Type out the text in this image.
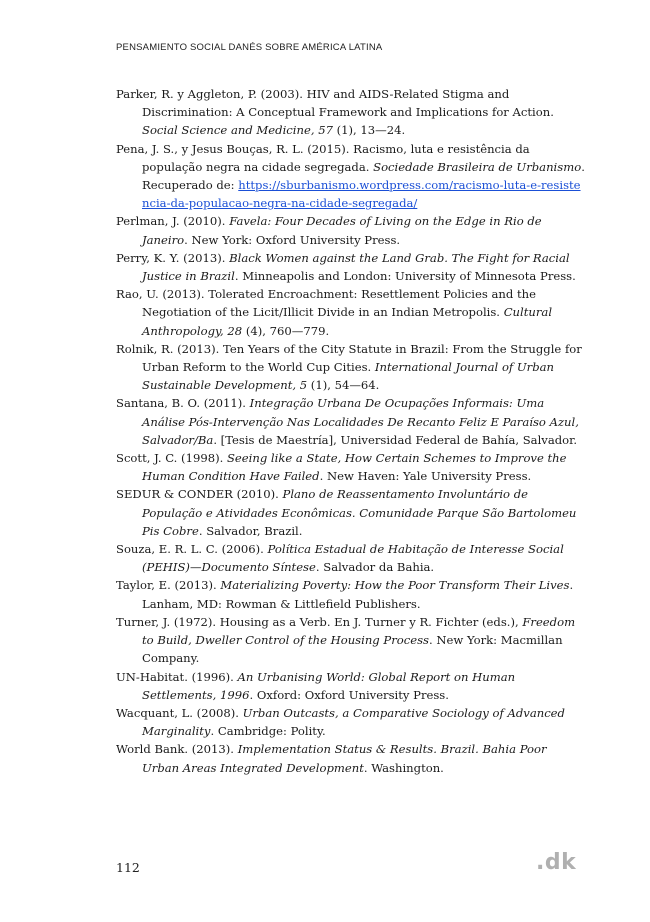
PENSAMIENTO SOCIAL DANÉS SOBRE AMÉRICA LATINA
Parker, R. y Aggleton, P. (2003). HIV and AIDS-Related Stigma and Discrimination: A Conceptual Framework and Implications for Action. Social Science and Medicine, 57 (1), 13—24.
Pena, J. S., y Jesus Bouças, R. L. (2015). Racismo, luta e resistência da população negra na cidade segregada. Sociedade Brasileira de Urbanismo. Recuperado de: https://sburbanismo.wordpress.com/racismo-luta-e-resistencia-da-populacao-negra-na-cidade-segregada/
Perlman, J. (2010). Favela: Four Decades of Living on the Edge in Rio de Janeiro. New York: Oxford University Press.
Perry, K. Y. (2013). Black Women against the Land Grab. The Fight for Racial Justice in Brazil. Minneapolis and London: University of Minnesota Press.
Rao, U. (2013). Tolerated Encroachment: Resettlement Policies and the Negotiation of the Licit/Illicit Divide in an Indian Metropolis. Cultural Anthropology, 28 (4), 760—779.
Rolnik, R. (2013). Ten Years of the City Statute in Brazil: From the Struggle for Urban Reform to the World Cup Cities. International Journal of Urban Sustainable Development, 5 (1), 54—64.
Santana, B. O. (2011). Integração Urbana De Ocupações Informais: Uma Análise Pós-Intervenção Nas Localidades De Recanto Feliz E Paraíso Azul, Salvador/Ba. [Tesis de Maestría], Universidad Federal de Bahía, Salvador.
Scott, J. C. (1998). Seeing like a State, How Certain Schemes to Improve the Human Condition Have Failed. New Haven: Yale University Press.
SEDUR & CONDER (2010). Plano de Reassentamento Involuntário de População e Atividades Econômicas. Comunidade Parque São Bartolomeu Pis Cobre. Salvador, Brazil.
Souza, E. R. L. C. (2006). Política Estadual de Habitação de Interesse Social (PEHIS)—Documento Síntese. Salvador da Bahia.
Taylor, E. (2013). Materializing Poverty: How the Poor Transform Their Lives. Lanham, MD: Rowman & Littlefield Publishers.
Turner, J. (1972). Housing as a Verb. En J. Turner y R. Fichter (eds.), Freedom to Build, Dweller Control of the Housing Process. New York: Macmillan Company.
UN-Habitat. (1996). An Urbanising World: Global Report on Human Settlements, 1996. Oxford: Oxford University Press.
Wacquant, L. (2008). Urban Outcasts, a Comparative Sociology of Advanced Marginality. Cambridge: Polity.
World Bank. (2013). Implementation Status & Results. Brazil. Bahia Poor Urban Areas Integrated Development. Washington.
112	.dk
